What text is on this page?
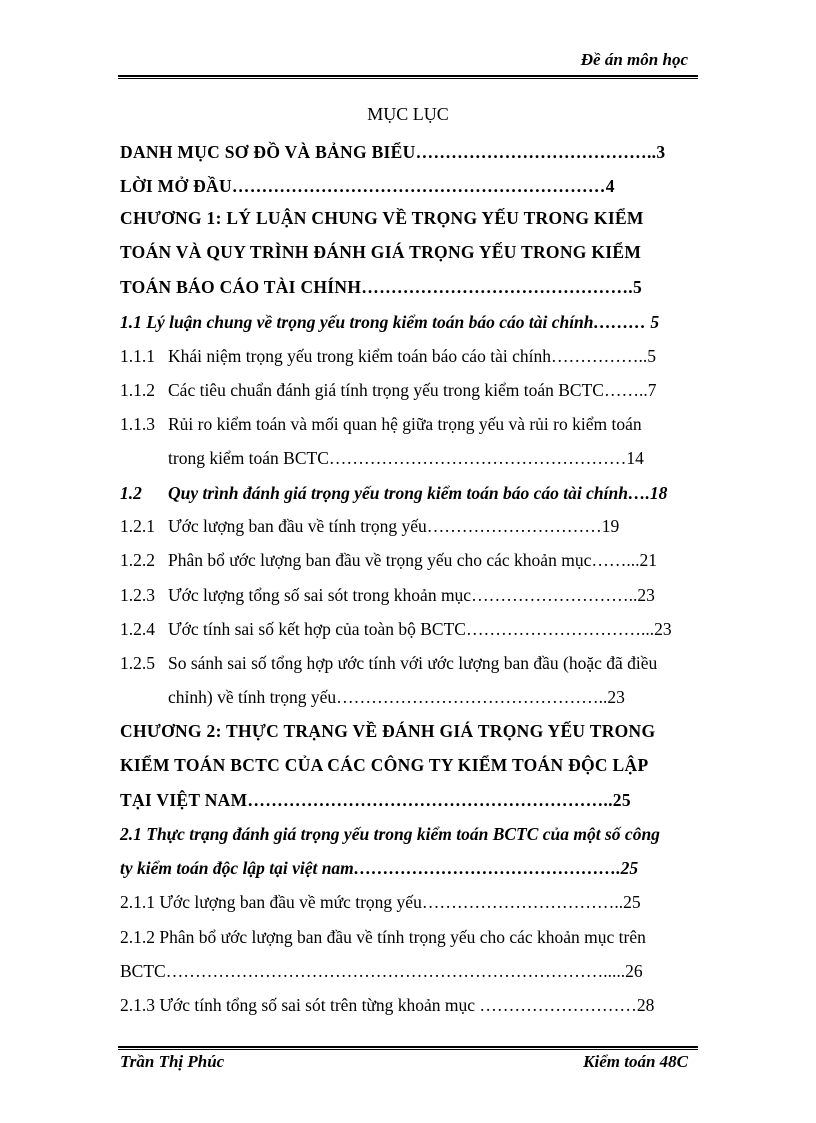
Đề án môn học
MỤC LỤC
DANH MỤC SƠ ĐỒ VÀ BẢNG BIỂU…………………………………..3
LỜI MỞ ĐẦU………………………………………………………4
CHƯƠNG 1: LÝ LUẬN CHUNG VỀ TRỌNG YẾU TRONG KIỂM
TOÁN VÀ QUY TRÌNH ĐÁNH GIÁ TRỌNG YẾU TRONG KIỂM
TOÁN BÁO CÁO TÀI CHÍNH……………………………………….5
1.1 Lý luận chung về trọng yếu trong kiểm toán báo cáo tài chính……… 5
1.1.1 Khái niệm trọng yếu trong kiểm toán báo cáo tài chính……………..5
1.1.2 Các tiêu chuẩn đánh giá tính trọng yếu trong kiểm toán BCTC……..7
1.1.3 Rủi ro kiểm toán và mối quan hệ giữa trọng yếu và rủi ro kiểm toán
trong kiểm toán BCTC……………………………………………14
1.2 Quy trình đánh giá trọng yếu trong kiểm toán báo cáo tài chính….18
1.2.1 Ước lượng ban đầu về tính trọng yếu…………………………19
1.2.2 Phân bổ ước lượng ban đầu về trọng yếu cho các khoản mục……...21
1.2.3 Ước lượng tổng số sai sót trong khoản mục………………………..23
1.2.4 Ước tính sai số kết hợp của toàn bộ BCTC…………………………...23
1.2.5 So sánh sai số tổng hợp ước tính với ước lượng ban đầu (hoặc đã điều
chỉnh) về tính trọng yếu………………………………………..23
CHƯƠNG 2: THỰC TRẠNG VỀ ĐÁNH GIÁ TRỌNG YẾU TRONG
KIỂM TOÁN BCTC CỦA CÁC CÔNG TY KIỂM TOÁN ĐỘC LẬP
TẠI VIỆT NAM……………………………………………………..25
2.1 Thực trạng đánh giá trọng yếu trong kiểm toán BCTC của một số công
ty kiểm toán độc lập tại việt nam……………………………………….25
2.1.1 Ước lượng ban đầu về mức trọng yếu……………………………..25
2.1.2 Phân bổ ước lượng ban đầu về tính trọng yếu cho các khoản mục trên
BCTC………………………………………………………………….....26
2.1.3 Ước tính tổng số sai sót trên từng khoản mục ………………………28
Trần Thị Phúc	Kiểm toán 48C
